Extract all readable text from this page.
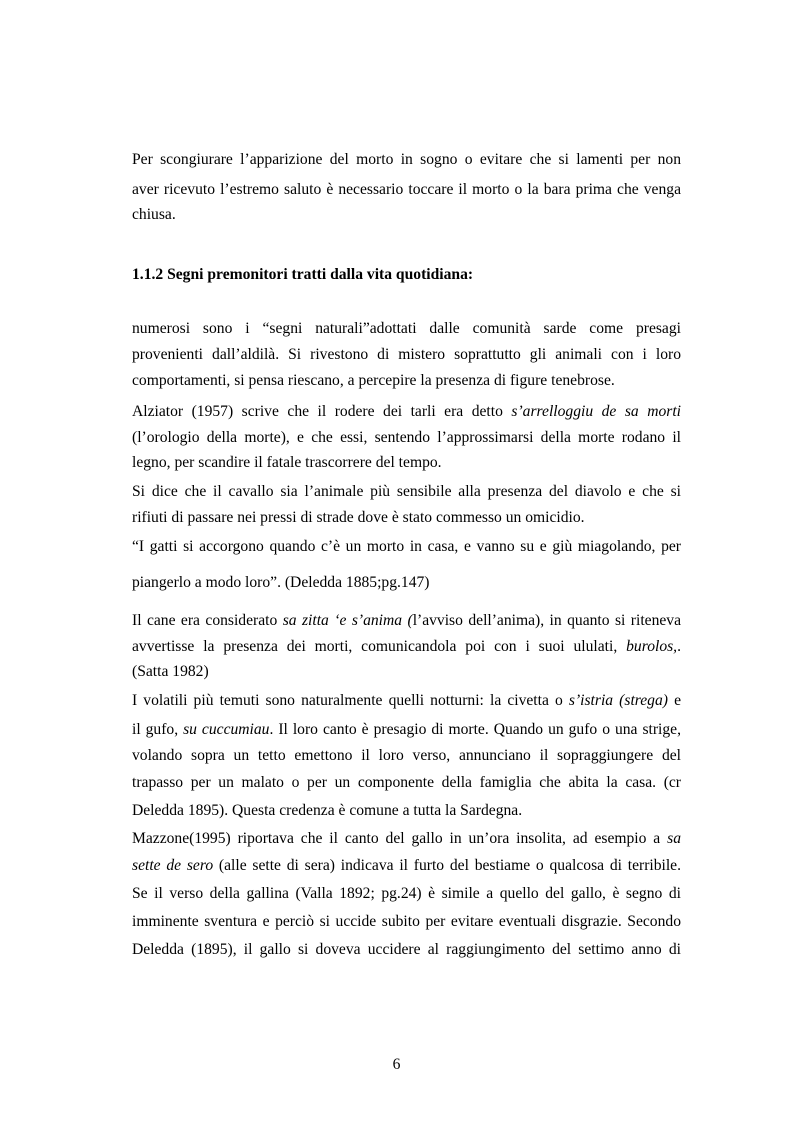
Per scongiurare l’apparizione del morto in sogno o evitare che si lamenti per non
aver ricevuto l’estremo saluto è necessario toccare il morto o la bara prima che venga
chiusa.
1.1.2 Segni premonitori tratti dalla vita quotidiana:
numerosi sono i “segni naturali”adottati dalle comunità sarde come presagi
provenienti dall’aldilà. Si rivestono di mistero soprattutto gli animali con i loro
comportamenti, si pensa riescano, a percepire la presenza di figure tenebrose.
Alziator (1957) scrive che il rodere dei tarli era detto s’arrelloggiu de sa morti
(l’orologio della morte), e che essi, sentendo l’approssimarsi della morte rodano il
legno, per scandire il fatale trascorrere del tempo.
Si dice che il cavallo sia l’animale più sensibile alla presenza del diavolo e che si
rifiuti di passare nei pressi di strade dove è stato commesso un omicidio.
“I gatti si accorgono quando c’è un morto in casa, e vanno su e giù miagolando, per
piangerlo a modo loro”. (Deledda 1885;pg.147)
Il cane era considerato sa zitta ‘e s’anima (l’avviso dell’anima), in quanto si riteneva
avvertisse la presenza dei morti, comunicandola poi con i suoi ululati, burolos,.
(Satta 1982)
I volatili più temuti sono naturalmente quelli notturni: la civetta o s’istria (strega) e
il gufo, su cuccumiau. Il loro canto è presagio di morte. Quando un gufo o una strige,
volando sopra un tetto emettono il loro verso, annunciano il sopraggiungere del
trapasso per un malato o per un componente della famiglia che abita la casa. (cr
Deledda 1895). Questa credenza è comune a tutta la Sardegna.
Mazzone(1995) riportava che il canto del gallo in un’ora insolita, ad esempio a sa
sette de sero (alle sette di sera) indicava il furto del bestiame o qualcosa di terribile.
Se il verso della gallina (Valla 1892; pg.24) è simile a quello del gallo, è segno di
imminente sventura e perciò si uccide subito per evitare eventuali disgrazie. Secondo
Deledda (1895), il gallo si doveva uccidere al raggiungimento del settimo anno di
6
